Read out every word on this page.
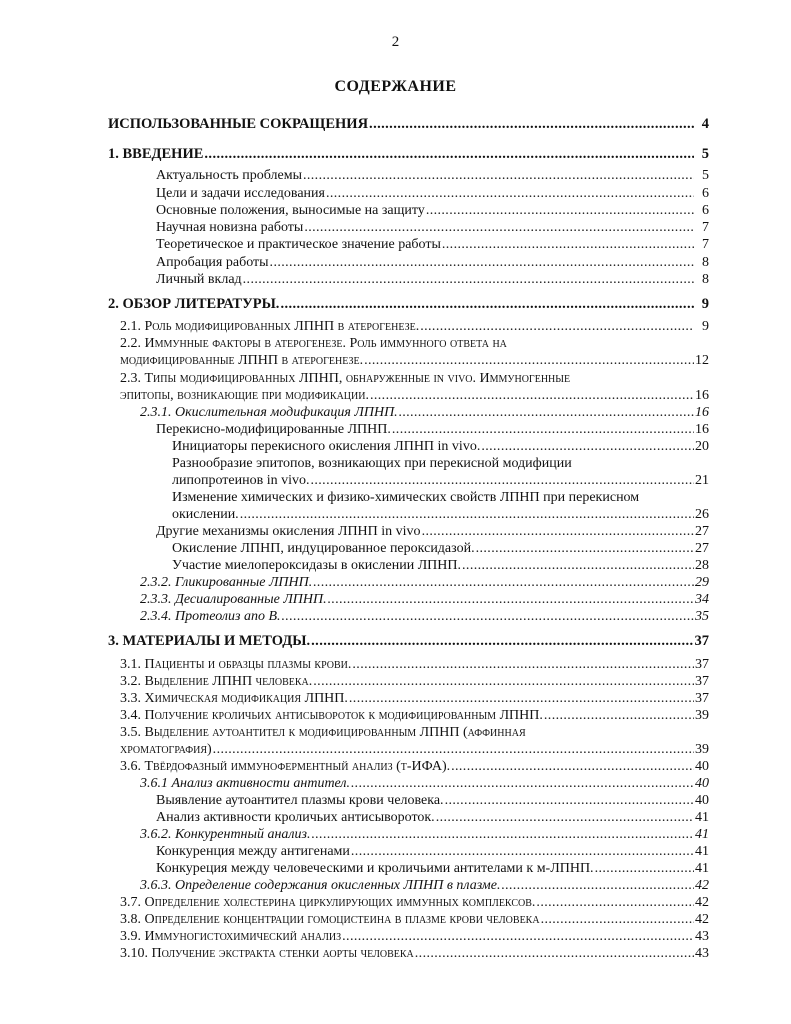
2
СОДЕРЖАНИЕ
ИСПОЛЬЗОВАННЫЕ СОКРАЩЕНИЯ .....	4
1. ВВЕДЕНИЕ .....	5
Актуальность проблемы .....	5
Цели и задачи исследования .....	6
Основные положения, выносимые на защиту .....	6
Научная новизна работы .....	7
Теоретическое и практическое значение работы .....	7
Апробация работы .....	8
Личный вклад .....	8
2. ОБЗОР ЛИТЕРАТУРЫ. .....	9
2.1. Роль модифицированных ЛПНП в атерогенезе. .....	9
2.2. Иммунные факторы в атерогенезе. Роль иммунного ответа на
модифицированные ЛПНП в атерогенезе. .....	12
2.3. Типы модифицированных ЛПНП, обнаруженные in vivo. Иммуногенные
эпитопы, возникающие при модификации. .....	16
2.3.1. Окислительная модификация ЛПНП. .....	16
Перекисно-модифицированные ЛПНП. .....	16
Инициаторы перекисного окисления ЛПНП in vivo. .....	20
Разнообразие эпитопов, возникающих при перекисной модифиции
липопротеинов in vivo. .....	21
Изменение химических и физико-химических свойств ЛПНП при перекисном
окислении. .....	26
Другие механизмы окисления ЛПНП in vivo .....	27
Окисление ЛПНП, индуцированное пероксидазой. .....	27
Участие миелопероксидазы в окислении ЛПНП. .....	28
2.3.2. Гликированные ЛПНП. .....	29
2.3.3. Десиалированные ЛПНП. .....	34
2.3.4. Протеолиз апо В. .....	35
3. МАТЕРИАЛЫ И МЕТОДЫ. .....	37
3.1. Пациенты и образцы плазмы крови. .....	37
3.2. Выделение ЛПНП человека. .....	37
3.3. Химическая модификация ЛПНП. .....	37
3.4. Получение кроличьих антисывороток к модифицированным ЛПНП. .....	39
3.5. Выделение аутоантител к модифицированным ЛПНП (аффинная
хроматография) .....	39
3.6. Твёрдофазный иммуноферментный анализ (т-ИФА). .....	40
3.6.1 Анализ активности антител. .....	40
Выявление аутоантител плазмы крови человека. .....	40
Анализ активности кроличьих антисывороток. .....	41
3.6.2. Конкурентный анализ. .....	41
Конкуренция между антигенами .....	41
Конкуреция между человеческими и кроличьими антителами к м-ЛПНП. .....	41
3.6.3. Определение содержания окисленных ЛПНП в плазме. .....	42
3.7. Определение холестерина циркулирующих иммунных комплексов. .....	42
3.8. Определение концентрации гомоцистеина в плазме крови человека .....	42
3.9. Иммуногистохимический анализ .....	43
3.10. Получение экстракта стенки аорты человека .....	43
